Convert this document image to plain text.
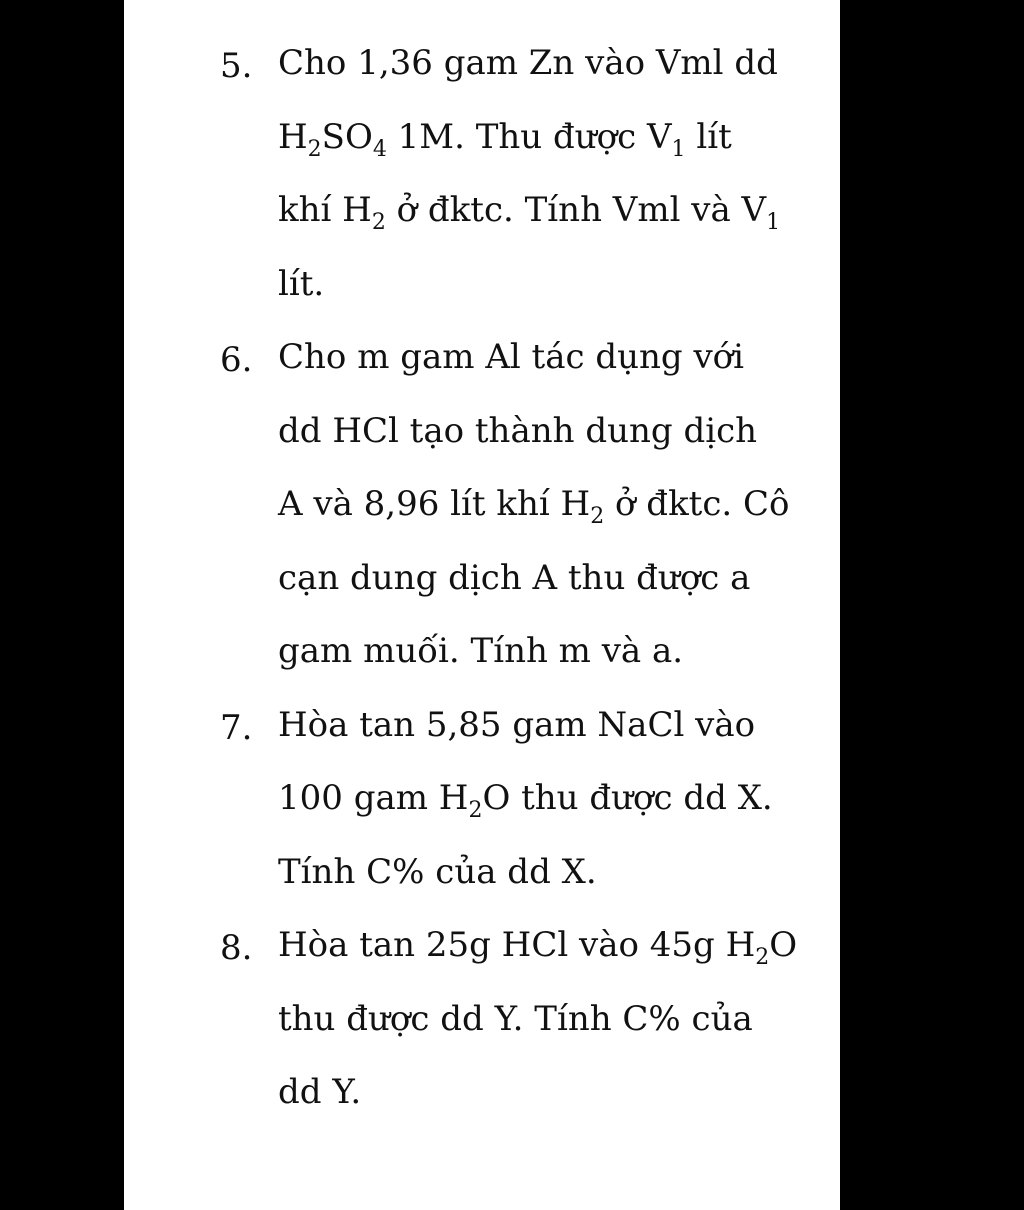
5. Cho 1,36 gam Zn vào Vml dd
$H_2SO_4$ 1M. Thu được $V_1$ lít
khí $H_2$ ở đktc. Tính Vml và $V_1$
lít.
6. Cho m gam Al tác dụng với
dd HCl tạo thành dung dịch
A và 8,96 lít khí $H_2$ ở đktc. Cô
cạn dung dịch A thu được a
gam muối. Tính m và a.
7. Hòa tan 5,85 gam NaCl vào
100 gam $H_2O$ thu được dd X.
Tính C% của dd X.
8. Hòa tan 25g HCl vào 45g $H_2O$
thu được dd Y. Tính C% của
dd Y.
